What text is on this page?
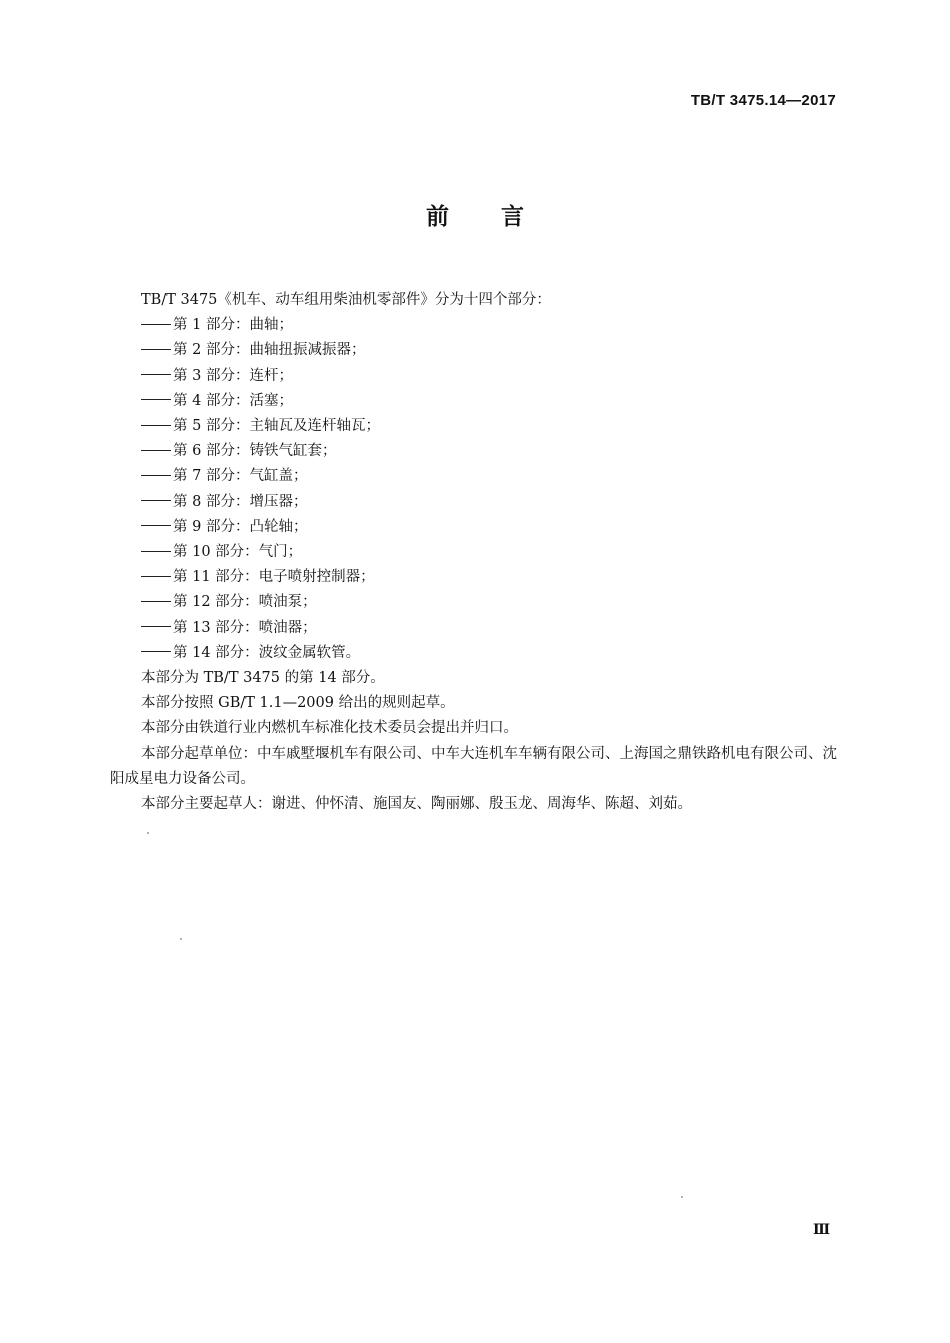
TB/T 3475.14—2017
前言

TB/T 3475《机车、动车组用柴油机零部件》分为十四个部分：

第 1 部分：曲轴；

第 2 部分：曲轴扭振减振器；

第 3 部分：连杆；

第 4 部分：活塞；

第 5 部分：主轴瓦及连杆轴瓦；

第 6 部分：铸铁气缸套；

第 7 部分：气缸盖；

第 8 部分：增压器；

第 9 部分：凸轮轴；

第 10 部分：气门；

第 11 部分：电子喷射控制器；

第 12 部分：喷油泵；

第 13 部分：喷油器；

第 14 部分：波纹金属软管。

本部分为 TB/T 3475 的第 14 部分。

本部分按照 GB/T 1.1—2009 给出的规则起草。

本部分由铁道行业内燃机车标准化技术委员会提出并归口。

本部分起草单位：中车戚墅堰机车有限公司、中车大连机车车辆有限公司、上海国之鼎铁路机电有限公司、沈阳成星电力设备公司。

本部分主要起草人：谢进、仲怀清、施国友、陶丽娜、殷玉龙、周海华、陈超、刘茹。

Ⅲ
